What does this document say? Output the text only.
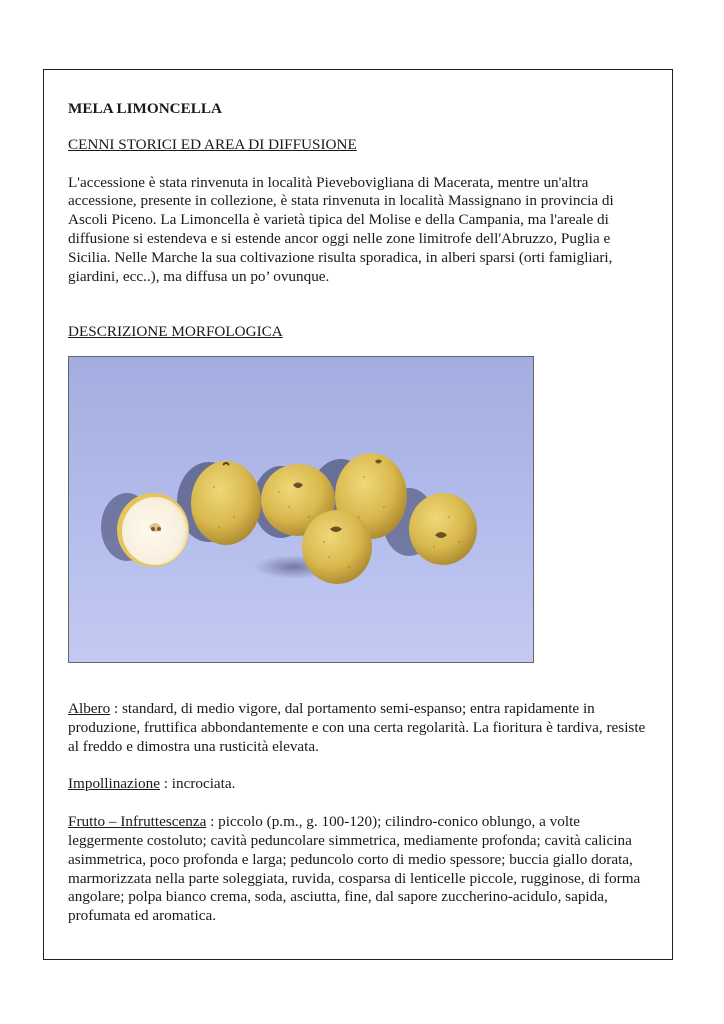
MELA LIMONCELLA

CENNI STORICI ED AREA DI DIFFUSIONE

L'accessione è stata rinvenuta in località Pievebovigliana di Macerata, mentre un'altra accessione, presente in collezione, è stata rinvenuta in località Massignano in provincia di Ascoli Piceno. La Limoncella è varietà tipica del Molise e della Campania, ma l'areale di diffusione si estendeva e si estende ancor oggi nelle zone limitrofe dell'Abruzzo, Puglia e Sicilia. Nelle Marche la sua coltivazione risulta sporadica, in alberi sparsi (orti famigliari, giardini, ecc..), ma diffusa un po’ ovunque.

DESCRIZIONE MORFOLOGICA

Albero : standard, di medio vigore, dal portamento semi-espanso; entra rapidamente in produzione, fruttifica abbondantemente e con una certa regolarità. La fioritura è tardiva, resiste al freddo e dimostra una rusticità elevata.

Impollinazione : incrociata.

Frutto – Infruttescenza : piccolo (p.m., g. 100-120); cilindro-conico oblungo, a volte leggermente costoluto; cavità peduncolare simmetrica, mediamente profonda; cavità calicina asimmetrica, poco profonda e larga; peduncolo corto di medio spessore; buccia giallo dorata, marmorizzata nella parte soleggiata, ruvida, cosparsa di lenticelle piccole, rugginose, di forma angolare; polpa bianco crema, soda, asciutta, fine, dal sapore zuccherino-acidulo, sapida, profumata ed aromatica.
